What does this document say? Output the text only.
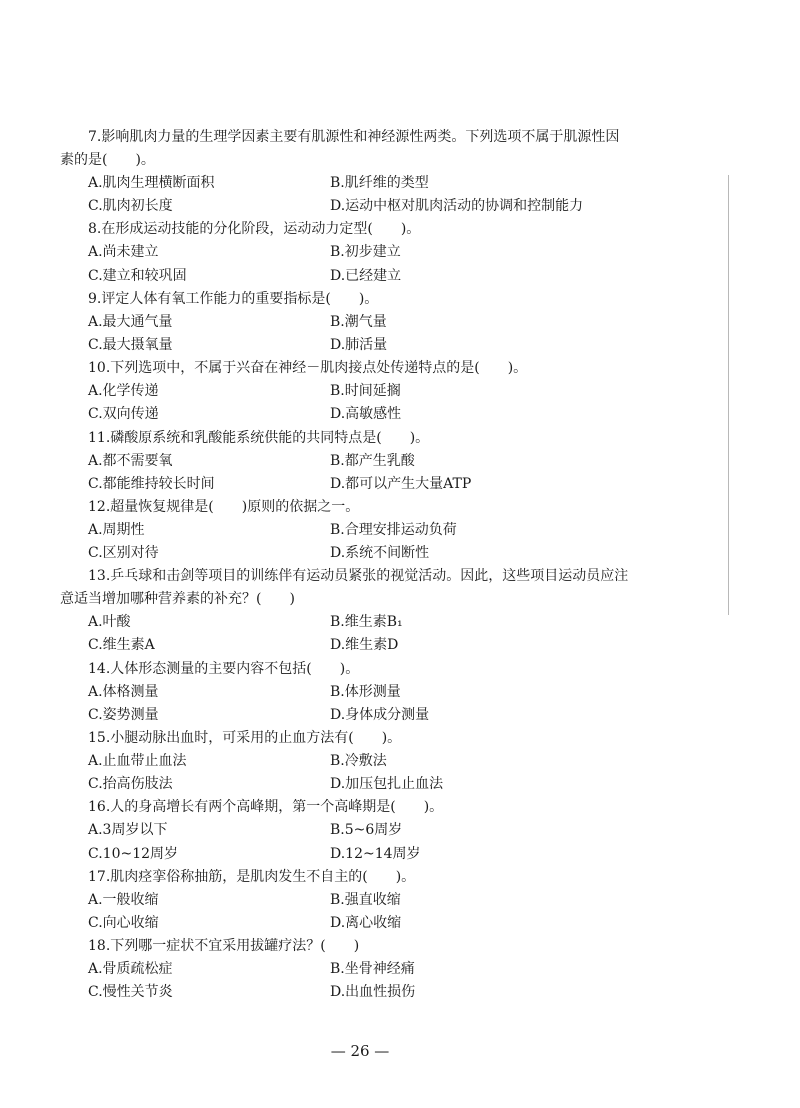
7.影响肌肉力量的生理学因素主要有肌源性和神经源性两类。下列选项不属于肌源性因
素的是(　　)。
A.肌肉生理横断面积	B.肌纤维的类型
C.肌肉初长度	D.运动中枢对肌肉活动的协调和控制能力
8.在形成运动技能的分化阶段，运动动力定型(　　)。
A.尚未建立	B.初步建立
C.建立和较巩固	D.已经建立
9.评定人体有氧工作能力的重要指标是(　　)。
A.最大通气量	B.潮气量
C.最大摄氧量	D.肺活量
10.下列选项中，不属于兴奋在神经－肌肉接点处传递特点的是(　　)。
A.化学传递	B.时间延搁
C.双向传递	D.高敏感性
11.磷酸原系统和乳酸能系统供能的共同特点是(　　)。
A.都不需要氧	B.都产生乳酸
C.都能维持较长时间	D.都可以产生大量ATP
12.超量恢复规律是(　　)原则的依据之一。
A.周期性	B.合理安排运动负荷
C.区别对待	D.系统不间断性
13.乒乓球和击剑等项目的训练伴有运动员紧张的视觉活动。因此，这些项目运动员应注
意适当增加哪种营养素的补充？(　　)
A.叶酸	B.维生素B₁
C.维生素A	D.维生素D
14.人体形态测量的主要内容不包括(　　)。
A.体格测量	B.体形测量
C.姿势测量	D.身体成分测量
15.小腿动脉出血时，可采用的止血方法有(　　)。
A.止血带止血法	B.冷敷法
C.抬高伤肢法	D.加压包扎止血法
16.人的身高增长有两个高峰期，第一个高峰期是(　　)。
A.3周岁以下	B.5~6周岁
C.10~12周岁	D.12~14周岁
17.肌肉痉挛俗称抽筋，是肌肉发生不自主的(　　)。
A.一般收缩	B.强直收缩
C.向心收缩	D.离心收缩
18.下列哪一症状不宜采用拔罐疗法？(　　)
A.骨质疏松症	B.坐骨神经痛
C.慢性关节炎	D.出血性损伤
— 26 —
